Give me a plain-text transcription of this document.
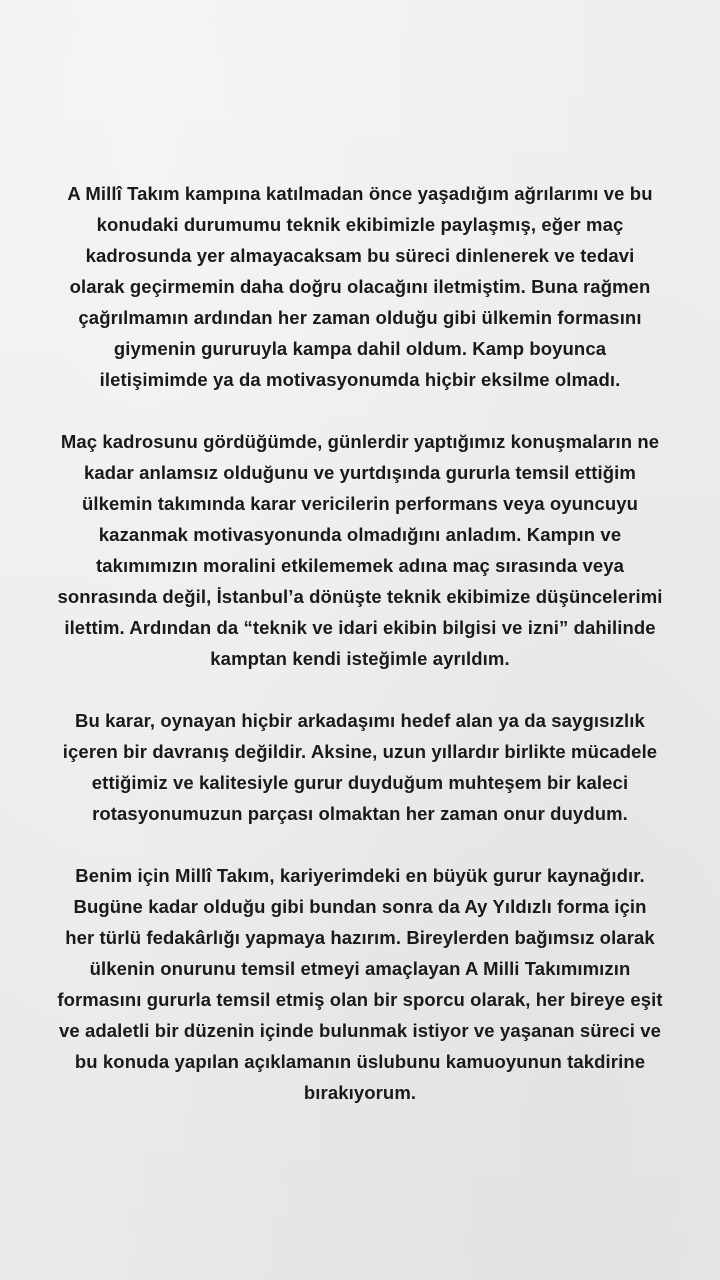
A Millî Takım kampına katılmadan önce yaşadığım ağrılarımı ve bu
konudaki durumumu teknik ekibimizle paylaşmış, eğer maç
kadrosunda yer almayacaksam bu süreci dinlenerek ve tedavi
olarak geçirmemin daha doğru olacağını iletmiştim. Buna rağmen
çağrılmamın ardından her zaman olduğu gibi ülkemin formasını
giymenin gururuyla kampa dahil oldum. Kamp boyunca
iletişimimde ya da motivasyonumda hiçbir eksilme olmadı.

Maç kadrosunu gördüğümde, günlerdir yaptığımız konuşmaların ne
kadar anlamsız olduğunu ve yurtdışında gururla temsil ettiğim
ülkemin takımında karar vericilerin performans veya oyuncuyu
kazanmak motivasyonunda olmadığını anladım. Kampın ve
takımımızın moralini etkilememek adına maç sırasında veya
sonrasında değil, İstanbul’a dönüşte teknik ekibimize düşüncelerimi
ilettim. Ardından da “teknik ve idari ekibin bilgisi ve izni” dahilinde
kamptan kendi isteğimle ayrıldım.

Bu karar, oynayan hiçbir arkadaşımı hedef alan ya da saygısızlık
içeren bir davranış değildir. Aksine, uzun yıllardır birlikte mücadele
ettiğimiz ve kalitesiyle gurur duyduğum muhteşem bir kaleci
rotasyonumuzun parçası olmaktan her zaman onur duydum.

Benim için Millî Takım, kariyerimdeki en büyük gurur kaynağıdır.
Bugüne kadar olduğu gibi bundan sonra da Ay Yıldızlı forma için
her türlü fedakârlığı yapmaya hazırım. Bireylerden bağımsız olarak
ülkenin onurunu temsil etmeyi amaçlayan A Milli Takımımızın
formasını gururla temsil etmiş olan bir sporcu olarak, her bireye eşit
ve adaletli bir düzenin içinde bulunmak istiyor ve yaşanan süreci ve
bu konuda yapılan açıklamanın üslubunu kamuoyunun takdirine
bırakıyorum.
